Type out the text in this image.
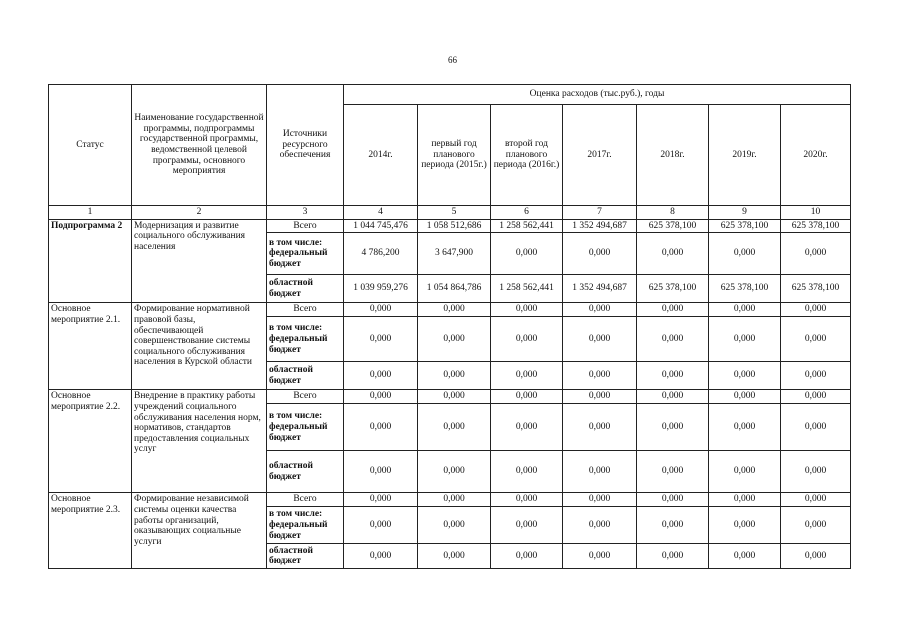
66
Статус	Наименование государственной программы, подпрограммы государственной программы, ведомственной целевой программы, основного мероприятия	Источники ресурсного обеспечения	Оценка расходов (тыс.руб.), годы						
			2014г.	первый год планового периода (2015г.)	второй год планового периода (2016г.)	2017г.	2018г.	2019г.	2020г.
1	2	3	4	5	6	7	8	9	10
Подпрограмма 2	Модернизация и развитие социального обслуживания населения	Всего	1 044 745,476	1 058 512,686	1 258 562,441	1 352 494,687	625 378,100	625 378,100	625 378,100
		в том числе: федеральный бюджет	4 786,200	3 647,900	0,000	0,000	0,000	0,000	0,000
		областной бюджет	1 039 959,276	1 054 864,786	1 258 562,441	1 352 494,687	625 378,100	625 378,100	625 378,100
Основное мероприятие 2.1.	Формирование нормативной правовой базы, обеспечивающей совершенствование системы социального обслуживания населения в Курской области	Всего	0,000	0,000	0,000	0,000	0,000	0,000	0,000
		в том числе: федеральный бюджет	0,000	0,000	0,000	0,000	0,000	0,000	0,000
		областной бюджет	0,000	0,000	0,000	0,000	0,000	0,000	0,000
Основное мероприятие 2.2.	Внедрение в практику работы учреждений социального обслуживания населения норм, нормативов, стандартов предоставления социальных услуг	Всего	0,000	0,000	0,000	0,000	0,000	0,000	0,000
		в том числе: федеральный бюджет	0,000	0,000	0,000	0,000	0,000	0,000	0,000
		областной бюджет	0,000	0,000	0,000	0,000	0,000	0,000	0,000
Основное мероприятие 2.3.	Формирование независимой системы оценки качества работы организаций, оказывающих социальные услуги	Всего	0,000	0,000	0,000	0,000	0,000	0,000	0,000
		в том числе: федеральный бюджет	0,000	0,000	0,000	0,000	0,000	0,000	0,000
		областной бюджет	0,000	0,000	0,000	0,000	0,000	0,000	0,000
